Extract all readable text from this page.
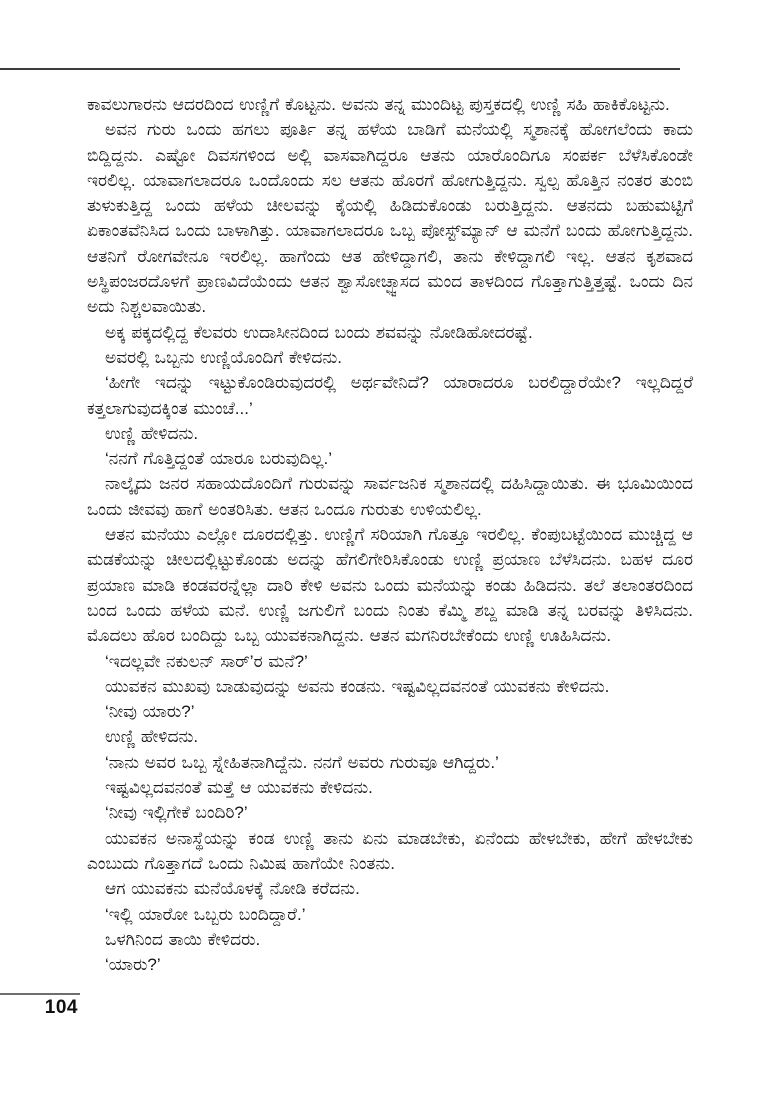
ಕಾವಲುಗಾರನು ಆದರದಿಂದ ಉಣ್ಣಿಗೆ ಕೊಟ್ಟನು. ಅವನು ತನ್ನ ಮುಂದಿಟ್ಟ ಪುಸ್ತಕದಲ್ಲಿ ಉಣ್ಣಿ ಸಹಿ ಹಾಕಿಕೊಟ್ಟನು.

ಅವನ ಗುರು ಒಂದು ಹಗಲು ಪೂರ್ತಿ ತನ್ನ ಹಳೆಯ ಬಾಡಿಗೆ ಮನೆಯಲ್ಲಿ ಸ್ಮಶಾನಕ್ಕೆ ಹೋಗಲೆಂದು ಕಾದು ಬಿದ್ದಿದ್ದನು. ಎಷ್ಟೋ ದಿವಸಗಳಿಂದ ಅಲ್ಲಿ ವಾಸವಾಗಿದ್ದರೂ ಆತನು ಯಾರೊಂದಿಗೂ ಸಂಪರ್ಕ ಬೆಳೆಸಿಕೊಂಡೇ ಇರಲಿಲ್ಲ. ಯಾವಾಗಲಾದರೂ ಒಂದೊಂದು ಸಲ ಆತನು ಹೊರಗೆ ಹೋಗುತ್ತಿದ್ದನು. ಸ್ವಲ್ಪ ಹೊತ್ತಿನ ನಂತರ ತುಂಬಿ ತುಳುಕುತ್ತಿದ್ದ ಒಂದು ಹಳೆಯ ಚೀಲವನ್ನು ಕೈಯಲ್ಲಿ ಹಿಡಿದುಕೊಂಡು ಬರುತ್ತಿದ್ದನು. ಆತನದು ಬಹುಮಟ್ಟಿಗೆ ಏಕಾಂತವೆನಿಸಿದ ಒಂದು ಬಾಳಾಗಿತ್ತು. ಯಾವಾಗಲಾದರೂ ಒಬ್ಬ ಪೋಸ್ಟ್‌ಮ್ಯಾನ್ ಆ ಮನೆಗೆ ಬಂದು ಹೋಗುತ್ತಿದ್ದನು. ಆತನಿಗೆ ರೋಗವೇನೂ ಇರಲಿಲ್ಲ. ಹಾಗೆಂದು ಆತ ಹೇಳಿದ್ದಾಗಲಿ, ತಾನು ಕೇಳಿದ್ದಾಗಲಿ ಇಲ್ಲ. ಆತನ ಕೃಶವಾದ ಅಸ್ಥಿಪಂಜರದೊಳಗೆ ಪ್ರಾಣವಿದೆಯೆಂದು ಆತನ ಶ್ವಾಸೋಚ್ಛ್ವಾಸದ ಮಂದ ತಾಳದಿಂದ ಗೊತ್ತಾಗುತ್ತಿತ್ತಷ್ಟೆ. ಒಂದು ದಿನ ಅದು ನಿಶ್ಚಲವಾಯಿತು.

ಅಕ್ಕ ಪಕ್ಕದಲ್ಲಿದ್ದ ಕೆಲವರು ಉದಾಸೀನದಿಂದ ಬಂದು ಶವವನ್ನು ನೋಡಿಹೋದರಷ್ಟೆ.

ಅವರಲ್ಲಿ ಒಬ್ಬನು ಉಣ್ಣಿಯೊಂದಿಗೆ ಕೇಳಿದನು.

‘ಹೀಗೇ ಇದನ್ನು ಇಟ್ಟುಕೊಂಡಿರುವುದರಲ್ಲಿ ಅರ್ಥವೇನಿದೆ? ಯಾರಾದರೂ ಬರಲಿದ್ದಾರೆಯೇ? ಇಲ್ಲದಿದ್ದರೆ ಕತ್ತಲಾಗುವುದಕ್ಕಿಂತ ಮುಂಚೆ...’

ಉಣ್ಣಿ ಹೇಳಿದನು.

‘ನನಗೆ ಗೊತ್ತಿದ್ದಂತೆ ಯಾರೂ ಬರುವುದಿಲ್ಲ.’

ನಾಲ್ಕೈದು ಜನರ ಸಹಾಯದೊಂದಿಗೆ ಗುರುವನ್ನು ಸಾರ್ವಜನಿಕ ಸ್ಮಶಾನದಲ್ಲಿ ದಹಿಸಿದ್ದಾಯಿತು. ಈ ಭೂಮಿಯಿಂದ ಒಂದು ಜೀವವು ಹಾಗೆ ಅಂತರಿಸಿತು. ಆತನ ಒಂದೂ ಗುರುತು ಉಳಿಯಲಿಲ್ಲ.

ಆತನ ಮನೆಯು ಎಲ್ಲೋ ದೂರದಲ್ಲಿತ್ತು. ಉಣ್ಣಿಗೆ ಸರಿಯಾಗಿ ಗೊತ್ತೂ ಇರಲಿಲ್ಲ. ಕೆಂಪುಬಟ್ಟೆಯಿಂದ ಮುಚ್ಚಿದ್ದ ಆ ಮಡಕೆಯನ್ನು ಚೀಲದಲ್ಲಿಟ್ಟುಕೊಂಡು ಅದನ್ನು ಹೆಗಲಿಗೇರಿಸಿಕೊಂಡು ಉಣ್ಣಿ ಪ್ರಯಾಣ ಬೆಳೆಸಿದನು. ಬಹಳ ದೂರ ಪ್ರಯಾಣ ಮಾಡಿ ಕಂಡವರನ್ನೆಲ್ಲಾ ದಾರಿ ಕೇಳಿ ಅವನು ಒಂದು ಮನೆಯನ್ನು ಕಂಡು ಹಿಡಿದನು. ತಲೆ ತಲಾಂತರದಿಂದ ಬಂದ ಒಂದು ಹಳೆಯ ಮನೆ. ಉಣ್ಣಿ ಜಗುಲಿಗೆ ಬಂದು ನಿಂತು ಕೆಮ್ಮಿ ಶಬ್ದ ಮಾಡಿ ತನ್ನ ಬರವನ್ನು ತಿಳಿಸಿದನು. ಮೊದಲು ಹೊರ ಬಂದಿದ್ದು ಒಬ್ಬ ಯುವಕನಾಗಿದ್ದನು. ಆತನ ಮಗನಿರಬೇಕೆಂದು ಉಣ್ಣಿ ಊಹಿಸಿದನು.

‘ಇದಲ್ಲವೇ ನಕುಲನ್ ಸಾರ್’ರ ಮನೆ?’

ಯುವಕನ ಮುಖವು ಬಾಡುವುದನ್ನು ಅವನು ಕಂಡನು. ಇಷ್ಟವಿಲ್ಲದವನಂತೆ ಯುವಕನು ಕೇಳಿದನು.

‘ನೀವು ಯಾರು?’

ಉಣ್ಣಿ ಹೇಳಿದನು.

‘ನಾನು ಅವರ ಒಬ್ಬ ಸ್ನೇಹಿತನಾಗಿದ್ದೆನು. ನನಗೆ ಅವರು ಗುರುವೂ ಆಗಿದ್ದರು.’

ಇಷ್ಟವಿಲ್ಲದವನಂತೆ ಮತ್ತೆ ಆ ಯುವಕನು ಕೇಳಿದನು.

‘ನೀವು ಇಲ್ಲಿಗೇಕೆ ಬಂದಿರಿ?’

ಯುವಕನ ಅನಾಸ್ಥೆಯನ್ನು ಕಂಡ ಉಣ್ಣಿ ತಾನು ಏನು ಮಾಡಬೇಕು, ಏನೆಂದು ಹೇಳಬೇಕು, ಹೇಗೆ ಹೇಳಬೇಕು ಎಂಬುದು ಗೊತ್ತಾಗದೆ ಒಂದು ನಿಮಿಷ ಹಾಗೆಯೇ ನಿಂತನು.

ಆಗ ಯುವಕನು ಮನೆಯೊಳಕ್ಕೆ ನೋಡಿ ಕರೆದನು.

‘ಇಲ್ಲಿ ಯಾರೋ ಒಬ್ಬರು ಬಂದಿದ್ದಾರೆ.’

ಒಳಗಿನಿಂದ ತಾಯಿ ಕೇಳಿದರು.

‘ಯಾರು?’

104
